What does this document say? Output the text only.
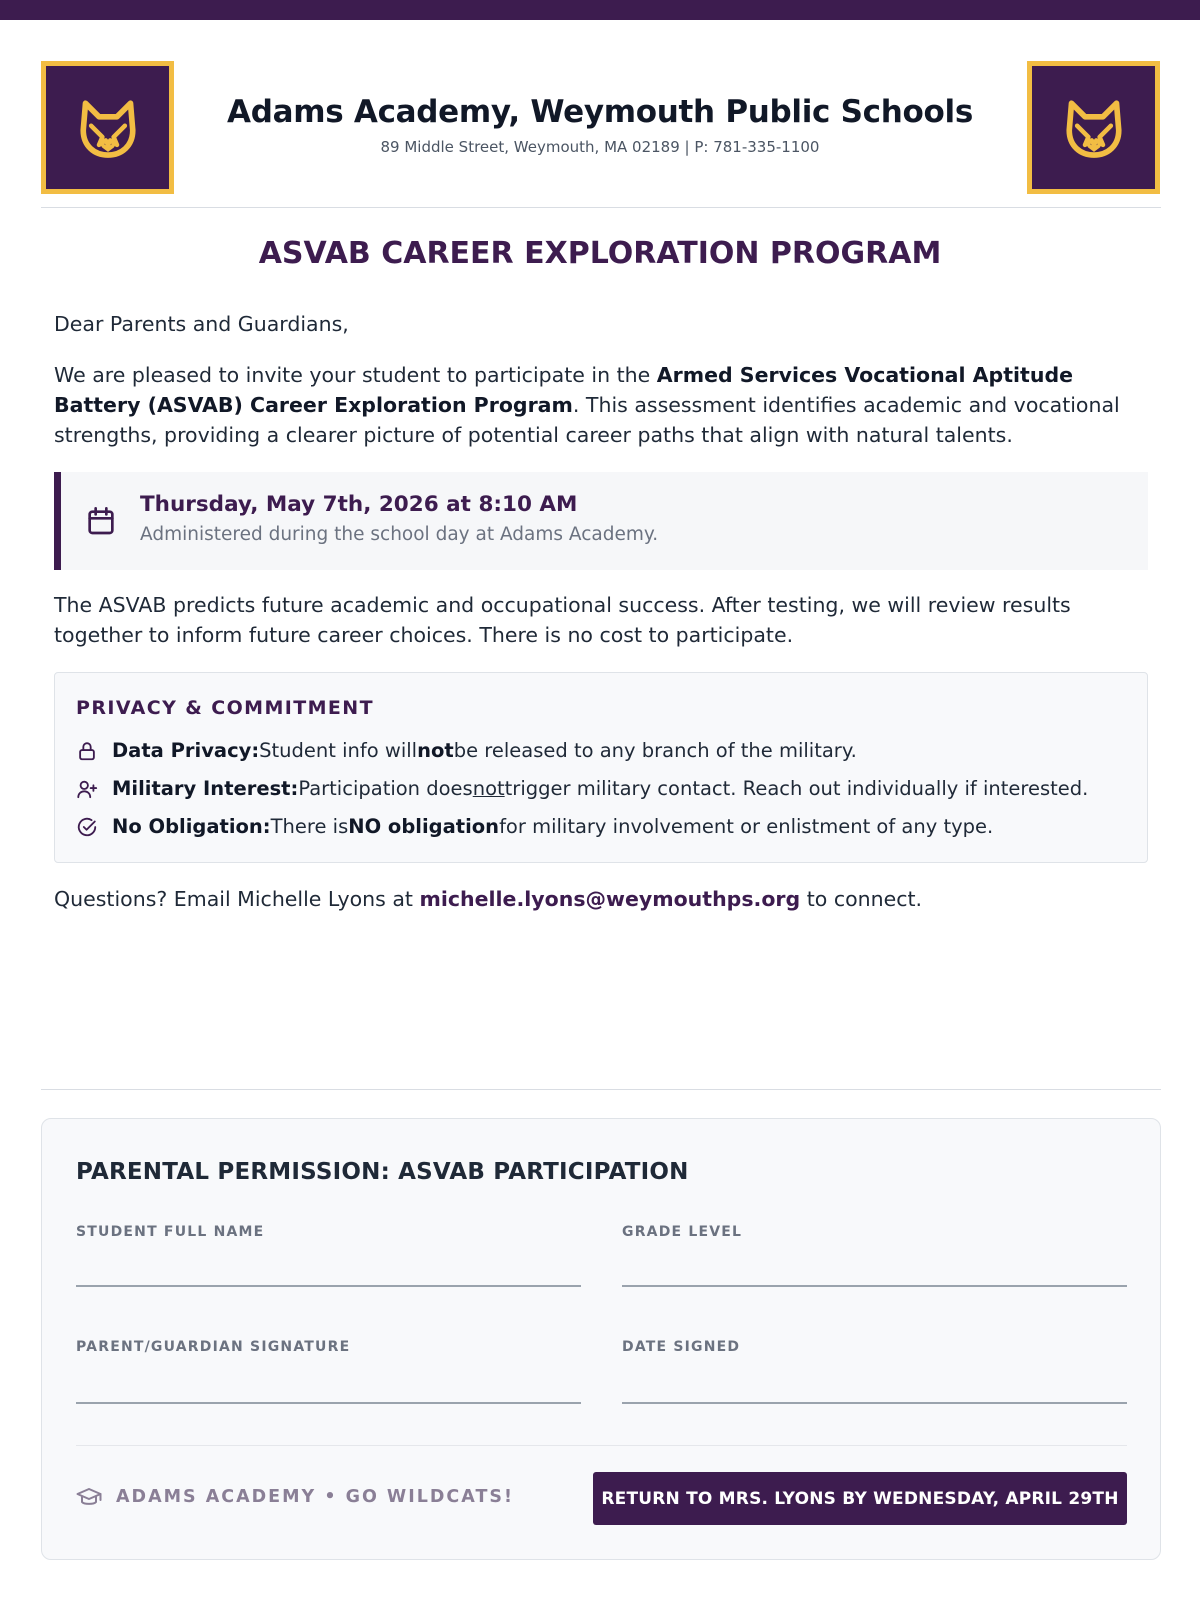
Adams Academy, Weymouth Public Schools
89 Middle Street, Weymouth, MA 02189 | P: 781-335-1100
ASVAB CAREER EXPLORATION PROGRAM
Dear Parents and Guardians,
We are pleased to invite your student to participate in the Armed Services Vocational Aptitude Battery (ASVAB) Career Exploration Program. This assessment identifies academic and vocational strengths, providing a clearer picture of potential career paths that align with natural talents.
Thursday, May 7th, 2026 at 8:10 AM
Administered during the school day at Adams Academy.
The ASVAB predicts future academic and occupational success. After testing, we will review results together to inform future career choices. There is no cost to participate.
PRIVACY & COMMITMENT
Data Privacy: Student info will not be released to any branch of the military.
Military Interest: Participation does not trigger military contact. Reach out individually if interested.
No Obligation: There is NO obligation for military involvement or enlistment of any type.
Questions? Email Michelle Lyons at michelle.lyons@weymouthps.org to connect.
PARENTAL PERMISSION: ASVAB PARTICIPATION
STUDENT FULL NAME	GRADE LEVEL
PARENT/GUARDIAN SIGNATURE	DATE SIGNED
ADAMS ACADEMY • GO WILDCATS!	RETURN TO MRS. LYONS BY WEDNESDAY, APRIL 29TH
